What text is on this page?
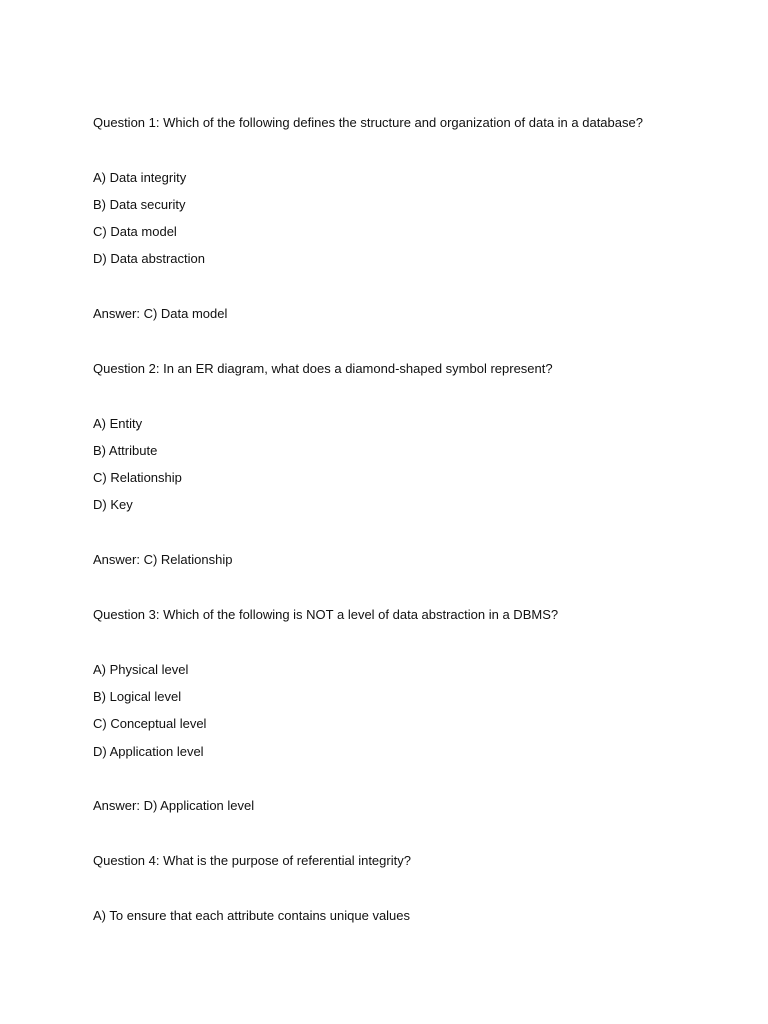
Question 1: Which of the following defines the structure and organization of data in a database?

A) Data integrity

B) Data security

C) Data model

D) Data abstraction

Answer: C) Data model

Question 2: In an ER diagram, what does a diamond-shaped symbol represent?

A) Entity

B) Attribute

C) Relationship

D) Key

Answer: C) Relationship

Question 3: Which of the following is NOT a level of data abstraction in a DBMS?

A) Physical level

B) Logical level

C) Conceptual level

D) Application level

Answer: D) Application level

Question 4: What is the purpose of referential integrity?

A) To ensure that each attribute contains unique values
